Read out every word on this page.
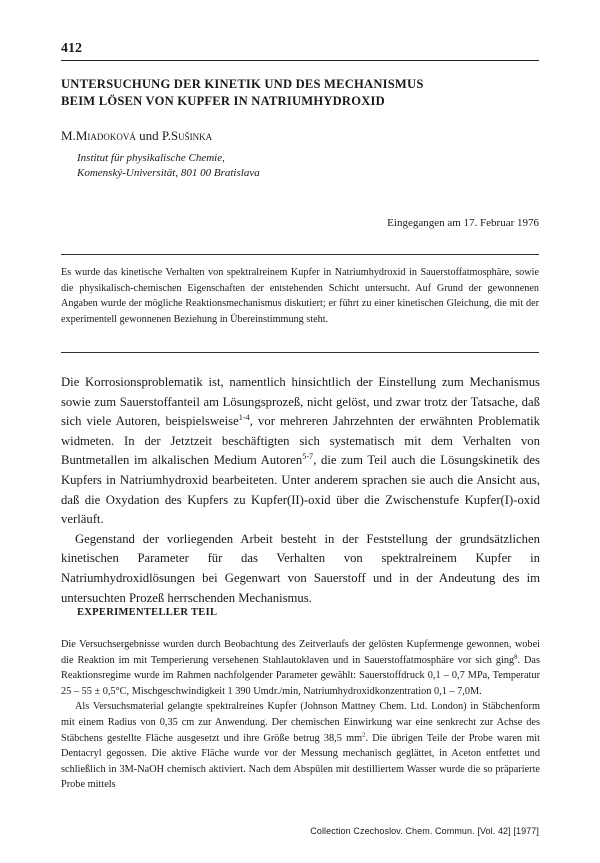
412
UNTERSUCHUNG DER KINETIK UND DES MECHANISMUS
BEIM LÖSEN VON KUPFER IN NATRIUMHYDROXID
M.Miadoková und P.Sušinka
Institut für physikalische Chemie,
Komenský-Universität, 801 00 Bratislava
Eingegangen am 17. Februar 1976
Es wurde das kinetische Verhalten von spektralreinem Kupfer in Natriumhydroxid in Sauerstoffatmosphäre, sowie die physikalisch-chemischen Eigenschaften der entstehenden Schicht untersucht. Auf Grund der gewonnenen Angaben wurde der mögliche Reaktionsmechanismus diskutiert; er führt zu einer kinetischen Gleichung, die mit der experimentell gewonnenen Beziehung in Übereinstimmung steht.

Die Korrosionsproblematik ist, namentlich hinsichtlich der Einstellung zum Mechanismus sowie zum Sauerstoffanteil am Lösungsprozeß, nicht gelöst, und zwar trotz der Tatsache, daß sich viele Autoren, beispielsweise$^{1-4}$, vor mehreren Jahrzehnten der erwähnten Problematik widmeten. In der Jetztzeit beschäftigten sich systematisch mit dem Verhalten von Buntmetallen im alkalischen Medium Autoren$^{5-7}$, die zum Teil auch die Lösungskinetik des Kupfers in Natriumhydroxid bearbeiteten. Unter anderem sprachen sie auch die Ansicht aus, daß die Oxydation des Kupfers zu Kupfer(II)-oxid über die Zwischenstufe Kupfer(I)-oxid verläuft.

Gegenstand der vorliegenden Arbeit besteht in der Feststellung der grundsätzlichen kinetischen Parameter für das Verhalten von spektralreinem Kupfer in Natriumhydroxidlösungen bei Gegenwart von Sauerstoff und in der Andeutung des im untersuchten Prozeß herrschenden Mechanismus.

EXPERIMENTELLER TEIL

Die Versuchsergebnisse wurden durch Beobachtung des Zeitverlaufs der gelösten Kupfermenge gewonnen, wobei die Reaktion im mit Temperierung versehenen Stahlautoklaven und in Sauerstoffatmosphäre vor sich ging$^8$. Das Reaktionsregime wurde im Rahmen nachfolgender Parameter gewählt: Sauerstoffdruck 0,1 – 0,7 MPa, Temperatur 25 – 55 ± 0,5°C, Mischgeschwindigkeit 1 390 Umdr./min, Natriumhydroxidkonzentration 0,1 – 7,0M.

Als Versuchsmaterial gelangte spektralreines Kupfer (Johnson Mattney Chem. Ltd. London) in Stäbchenform mit einem Radius von 0,35 cm zur Anwendung. Der chemischen Einwirkung war eine senkrecht zur Achse des Stäbchens gestellte Fläche ausgesetzt und ihre Größe betrug 38,5 $mm^2$. Die übrigen Teile der Probe waren mit Dentacryl gegossen. Die aktive Fläche wurde vor der Messung mechanisch geglättet, in Aceton entfettet und schließlich in 3M-NaOH chemisch aktiviert. Nach dem Abspülen mit destilliertem Wasser wurde die so präparierte Probe mittels

Collection Czechoslov. Chem. Commun. [Vol. 42] [1977]
